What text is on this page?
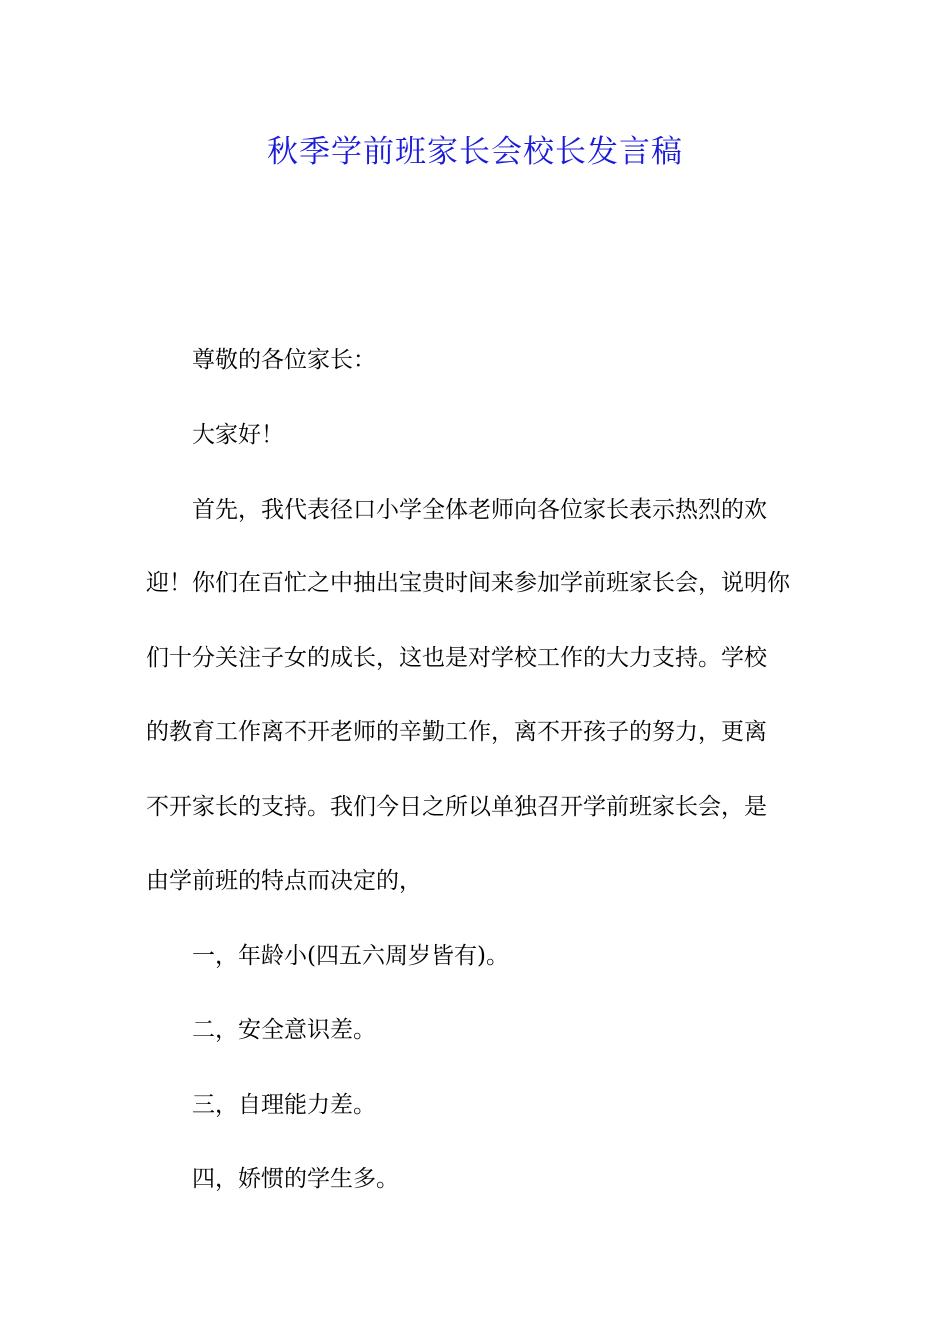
秋季学前班家长会校长发言稿
尊敬的各位家长：
大家好！
首先，我代表径口小学全体老师向各位家长表示热烈的欢
迎！你们在百忙之中抽出宝贵时间来参加学前班家长会，说明你
们十分关注子女的成长，这也是对学校工作的大力支持。学校
的教育工作离不开老师的辛勤工作，离不开孩子的努力，更离
不开家长的支持。我们今日之所以单独召开学前班家长会，是
由学前班的特点而决定的，
一，年龄小(四五六周岁皆有)。
二，安全意识差。
三，自理能力差。
四，娇惯的学生多。
